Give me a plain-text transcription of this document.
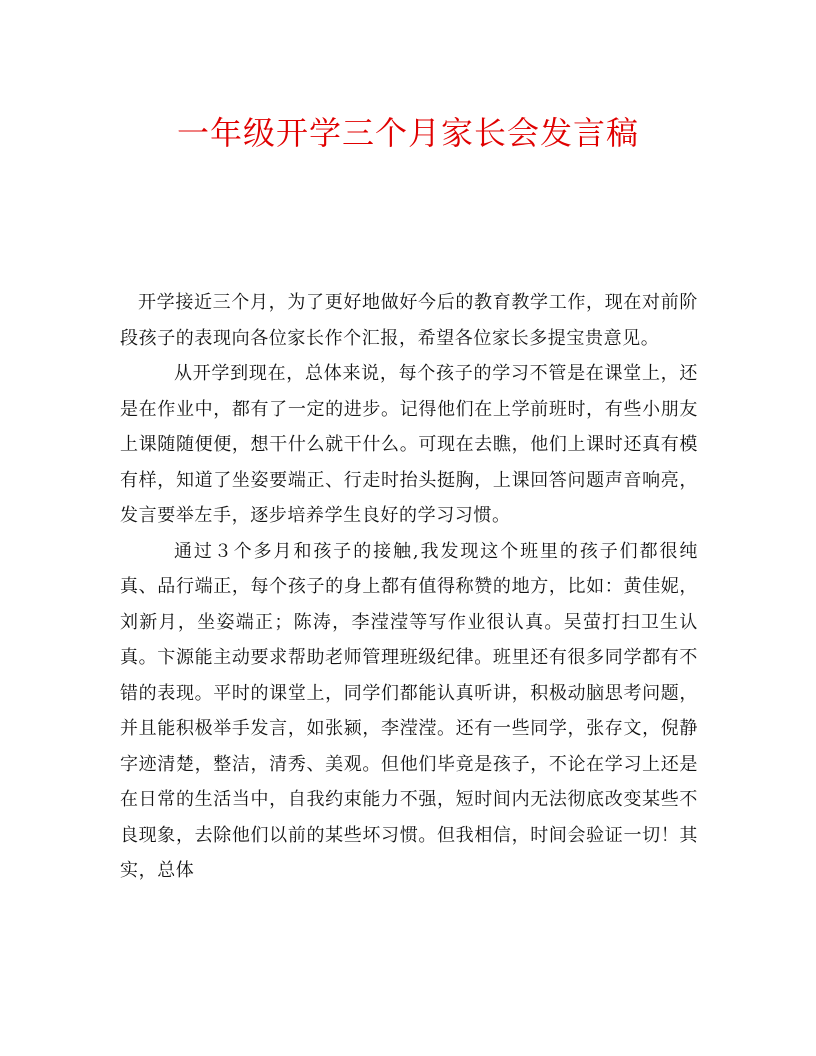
一年级开学三个月家长会发言稿

开学接近三个月，为了更好地做好今后的教育教学工作，现在对前阶段孩子的表现向各位家长作个汇报，希望各位家长多提宝贵意见。

从开学到现在，总体来说，每个孩子的学习不管是在课堂上，还是在作业中，都有了一定的进步。记得他们在上学前班时，有些小朋友上课随随便便，想干什么就干什么。可现在去瞧，他们上课时还真有模有样，知道了坐姿要端正、行走时抬头挺胸，上课回答问题声音响亮，发言要举左手，逐步培养学生良好的学习习惯。

通过３个多月和孩子的接触,我发现这个班里的孩子们都很纯真、品行端正，每个孩子的身上都有值得称赞的地方，比如：黄佳妮，刘新月，坐姿端正；陈涛，李滢滢等写作业很认真。吴萤打扫卫生认真。卞源能主动要求帮助老师管理班级纪律。班里还有很多同学都有不错的表现。平时的课堂上，同学们都能认真听讲，积极动脑思考问题，并且能积极举手发言，如张颍，李滢滢。还有一些同学，张存文，倪静字迹清楚，整洁，清秀、美观。但他们毕竟是孩子，不论在学习上还是在日常的生活当中，自我约束能力不强，短时间内无法彻底改变某些不良现象，去除他们以前的某些坏习惯。但我相信，时间会验证一切！其实，总体
